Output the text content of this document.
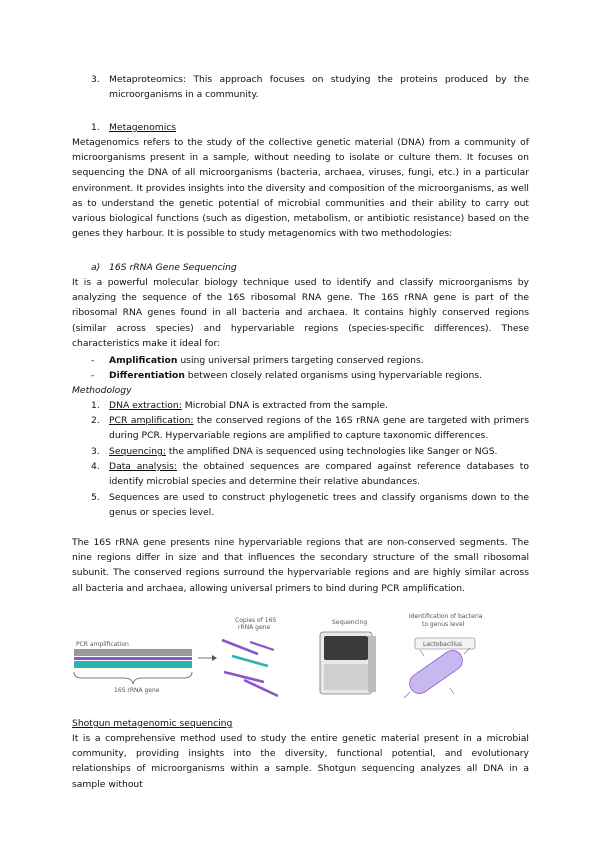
3. Metaproteomics: This approach focuses on studying the proteins produced by the microorganisms in a community.
1. Metagenomics
Metagenomics refers to the study of the collective genetic material (DNA) from a community of microorganisms present in a sample, without needing to isolate or culture them. It focuses on sequencing the DNA of all microorganisms (bacteria, archaea, viruses, fungi, etc.) in a particular environment. It provides insights into the diversity and composition of the microorganisms, as well as to understand the genetic potential of microbial communities and their ability to carry out various biological functions (such as digestion, metabolism, or antibiotic resistance) based on the genes they harbour. It is possible to study metagenomics with two methodologies:
a) 16S rRNA Gene Sequencing
It is a powerful molecular biology technique used to identify and classify microorganisms by analyzing the sequence of the 16S ribosomal RNA gene. The 16S rRNA gene is part of the ribosomal RNA genes found in all bacteria and archaea. It contains highly conserved regions (similar across species) and hypervariable regions (species-specific differences). These characteristics make it ideal for:
- Amplification using universal primers targeting conserved regions.
- Differentiation between closely related organisms using hypervariable regions.
Methodology
1. DNA extraction: Microbial DNA is extracted from the sample.
2. PCR amplification: the conserved regions of the 16S rRNA gene are targeted with primers during PCR. Hypervariable regions are amplified to capture taxonomic differences.
3. Sequencing: the amplified DNA is sequenced using technologies like Sanger or NGS.
4. Data analysis: the obtained sequences are compared against reference databases to identify microbial species and determine their relative abundances.
5. Sequences are used to construct phylogenetic trees and classify organisms down to the genus or species level.
The 16S rRNA gene presents nine hypervariable regions that are non-conserved segments. The nine regions differ in size and that influences the secondary structure of the small ribosomal subunit. The conserved regions surround the hypervariable regions and are highly similar across all bacteria and archaea, allowing universal primers to bind during PCR amplification.
PCR amplification
16S rRNA gene
Copies of 16S
rRNA gene
Sequencing
Identification of bacteria
to genus level
Lactobacillus
Shotgun metagenomic sequencing
It is a comprehensive method used to study the entire genetic material present in a microbial community, providing insights into the diversity, functional potential, and evolutionary relationships of microorganisms within a sample. Shotgun sequencing analyzes all DNA in a sample without
